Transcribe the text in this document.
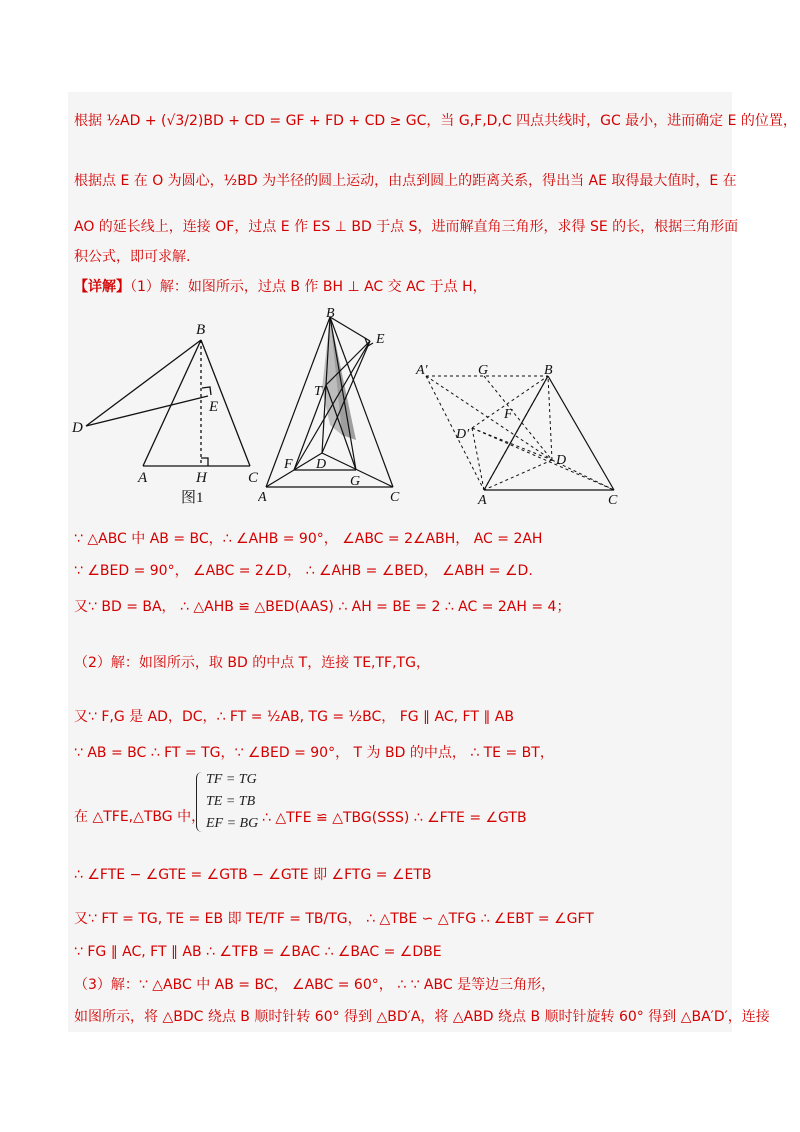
根据 ½AD + (√3/2)BD + CD = GF + FD + CD ≥ GC，当 G,F,D,C 四点共线时，GC 最小，进而确定 E 的位置，
根据点 E 在 O 为圆心，½BD 为半径的圆上运动，由点到圆上的距离关系，得出当 AE 取得最大值时，E 在
AO 的延长线上，连接 OF，过点 E 作 ES ⊥ BD 于点 S，进而解直角三角形，求得 SE 的长，根据三角形面
积公式，即可求解.
【详解】（1）解：如图所示，过点 B 作 BH ⊥ AC 交 AC 于点 H，
B
E
D
A	H	C
图1
B
E
T
F D
G
A	C
A′	G	B
F
D′
D
A	C
∵ △ABC 中 AB = BC，∴ ∠AHB = 90°， ∠ABC = 2∠ABH， AC = 2AH
∵ ∠BED = 90°， ∠ABC = 2∠D， ∴ ∠AHB = ∠BED， ∠ABH = ∠D.
又∵ BD = BA， ∴ △AHB ≌ △BED(AAS) ∴ AH = BE = 2 ∴ AC = 2AH = 4；
（2）解：如图所示，取 BD 的中点 T，连接 TE,TF,TG，
又∵ F,G 是 AD，DC，∴ FT = ½AB, TG = ½BC， FG ∥ AC, FT ∥ AB
∵ AB = BC ∴ FT = TG，∵ ∠BED = 90°， T 为 BD 的中点， ∴ TE = BT，
在 △TFE,△TBG 中，
TF = TG
TE = TB
EF = BG ∴ △TFE ≌ △TBG(SSS) ∴ ∠FTE = ∠GTB
∴ ∠FTE − ∠GTE = ∠GTB − ∠GTE 即 ∠FTG = ∠ETB
又∵ FT = TG, TE = EB 即 TE/TF = TB/TG， ∴ △TBE ∽ △TFG ∴ ∠EBT = ∠GFT
∵ FG ∥ AC, FT ∥ AB ∴ ∠TFB = ∠BAC ∴ ∠BAC = ∠DBE
（3）解：∵ △ABC 中 AB = BC， ∠ABC = 60°， ∴ ∵ ABC 是等边三角形，
如图所示，将 △BDC 绕点 B 顺时针转 60° 得到 △BD′A，将 △ABD 绕点 B 顺时针旋转 60° 得到 △BA′D′，连接
